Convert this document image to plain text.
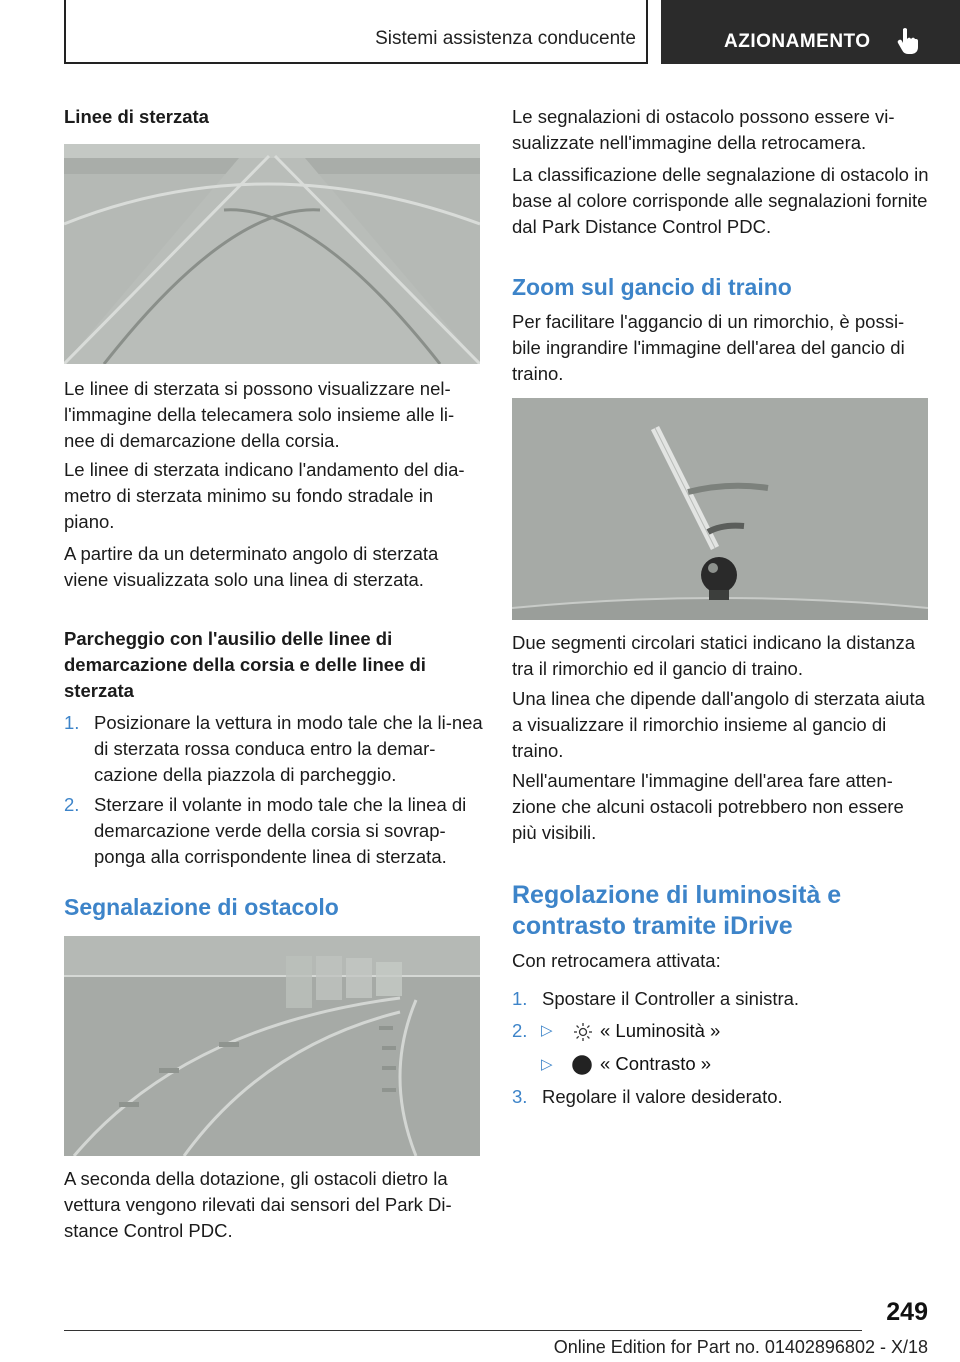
Sistemi assistenza conducente	AZIONAMENTO
Linee di sterzata
Le linee di sterzata si possono visualizzare nel-l'immagine della telecamera solo insieme alle li-nee di demarcazione della corsia.
Le linee di sterzata indicano l'andamento del dia-metro di sterzata minimo su fondo stradale in piano.
A partire da un determinato angolo di sterzata viene visualizzata solo una linea di sterzata.
Parcheggio con l'ausilio delle linee di demarcazione della corsia e delle linee di sterzata
1. Posizionare la vettura in modo tale che la li-nea di sterzata rossa conduca entro la demar-cazione della piazzola di parcheggio.
2. Sterzare il volante in modo tale che la linea di demarcazione verde della corsia si sovrap-ponga alla corrispondente linea di sterzata.
Segnalazione di ostacolo
A seconda della dotazione, gli ostacoli dietro la vettura vengono rilevati dai sensori del Park Di-stance Control PDC.
Le segnalazioni di ostacolo possono essere vi-sualizzate nell'immagine della retrocamera.
La classificazione delle segnalazione di ostacolo in base al colore corrisponde alle segnalazioni fornite dal Park Distance Control PDC.
Zoom sul gancio di traino
Per facilitare l'aggancio di un rimorchio, è possi-bile ingrandire l'immagine dell'area del gancio di traino.
Due segmenti circolari statici indicano la distanza tra il rimorchio ed il gancio di traino.
Una linea che dipende dall'angolo di sterzata aiuta a visualizzare il rimorchio insieme al gancio di traino.
Nell'aumentare l'immagine dell'area fare atten-zione che alcuni ostacoli potrebbero non essere più visibili.
Regolazione di luminosità e contrasto tramite iDrive
Con retrocamera attivata:
1. Spostare il Controller a sinistra.
2. ▷	« Luminosità »
▷	« Contrasto »
3. Regolare il valore desiderato.
249
Online Edition for Part no. 01402896802 - X/18
